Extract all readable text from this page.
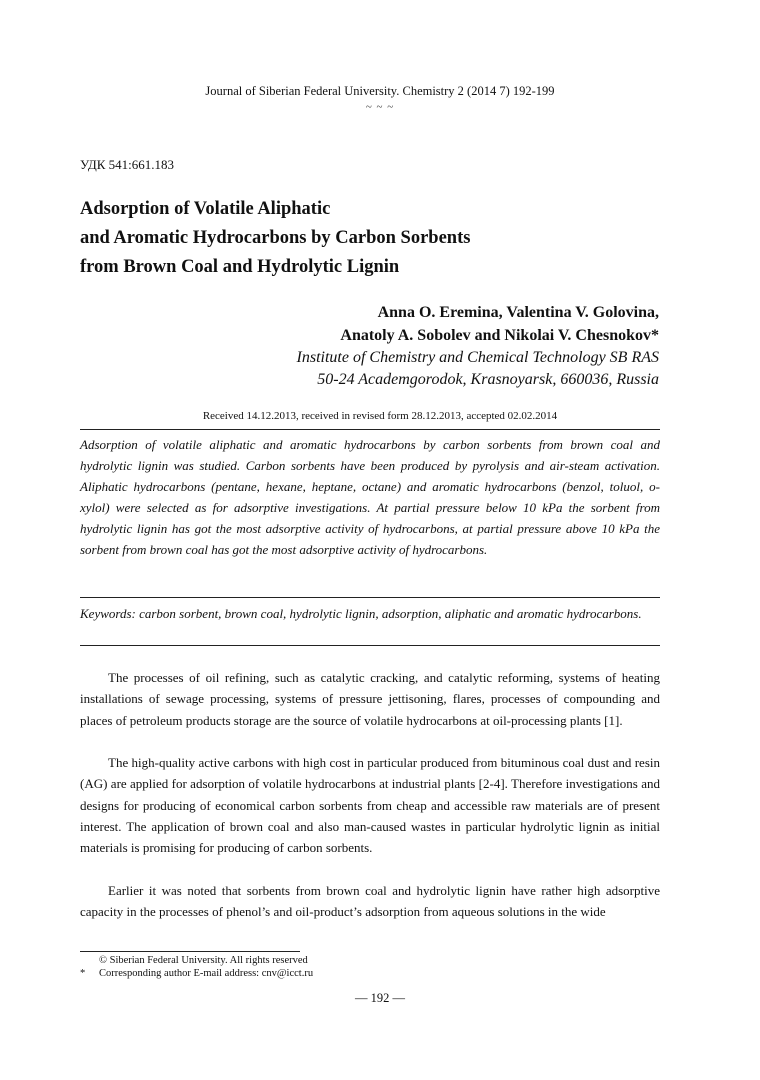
Journal of Siberian Federal University. Chemistry 2 (2014 7) 192-199
~ ~ ~
УДК 541:661.183
Adsorption of Volatile Aliphatic
and Aromatic Hydrocarbons by Carbon Sorbents
from Brown Coal and Hydrolytic Lignin
Anna O. Eremina, Valentina V. Golovina,
Anatoly A. Sobolev and Nikolai V. Chesnokov*
Institute of Chemistry and Chemical Technology SB RAS
50-24 Academgorodok, Krasnoyarsk, 660036, Russia
Received 14.12.2013, received in revised form 28.12.2013, accepted 02.02.2014

Adsorption of volatile aliphatic and aromatic hydrocarbons by carbon sorbents from brown coal and hydrolytic lignin was studied. Carbon sorbents have been produced by pyrolysis and air-steam activation. Aliphatic hydrocarbons (pentane, hexane, heptane, octane) and aromatic hydrocarbons (benzol, toluol, o-xylol) were selected as for adsorptive investigations. At partial pressure below 10 kPa the sorbent from hydrolytic lignin has got the most adsorptive activity of hydrocarbons, at partial pressure above 10 kPa the sorbent from brown coal has got the most adsorptive activity of hydrocarbons.

Keywords: carbon sorbent, brown coal, hydrolytic lignin, adsorption, aliphatic and aromatic hydrocarbons.

The processes of oil refining, such as catalytic cracking, and catalytic reforming, systems of heating installations of sewage processing, systems of pressure jettisoning, flares, processes of compounding and places of petroleum products storage are the source of volatile hydrocarbons at oil-processing plants [1].

The high-quality active carbons with high cost in particular produced from bituminous coal dust and resin (AG) are applied for adsorption of volatile hydrocarbons at industrial plants [2-4]. Therefore investigations and designs for producing of economical carbon sorbents from cheap and accessible raw materials are of present interest. The application of brown coal and also man-caused wastes in particular hydrolytic lignin as initial materials is promising for producing of carbon sorbents.

Earlier it was noted that sorbents from brown coal and hydrolytic lignin have rather high adsorptive capacity in the processes of phenol’s and oil-product’s adsorption from aqueous solutions in the wide

© Siberian Federal University. All rights reserved
* Corresponding author E-mail address: cnv@icct.ru
― 192 ―
